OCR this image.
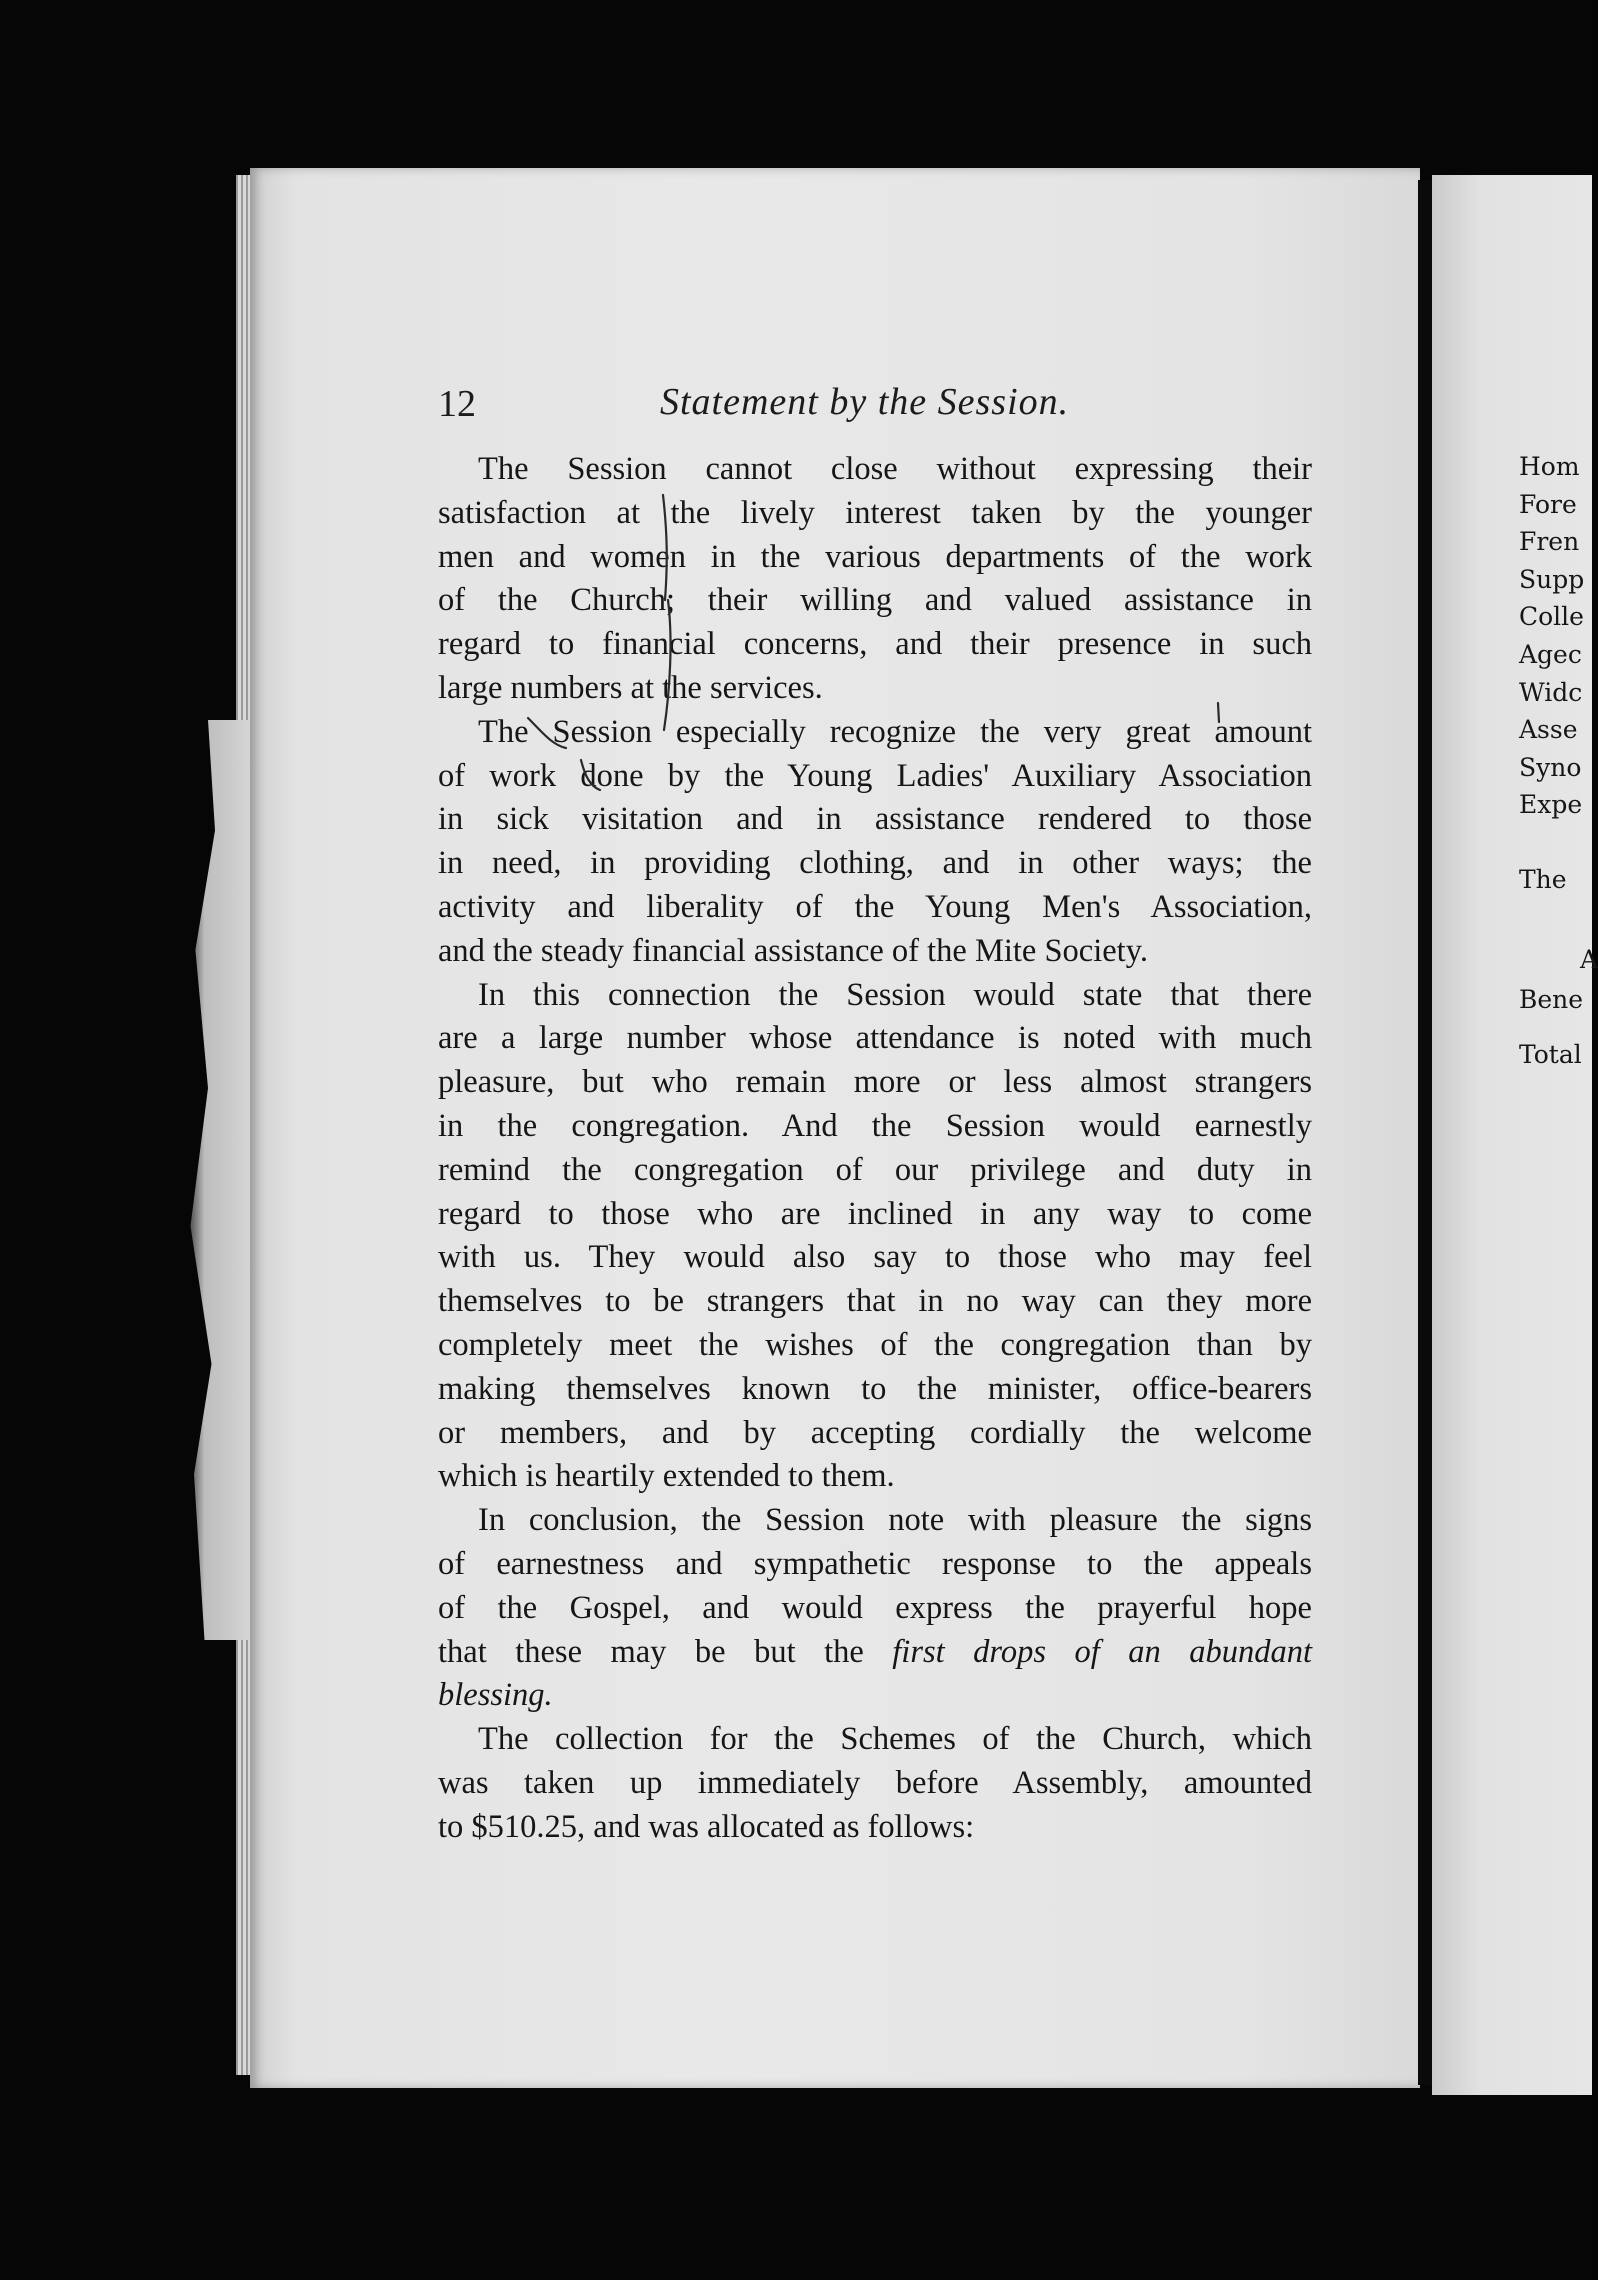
12	Statement by the Session.
The Session cannot close without expressing their
satisfaction at the lively interest taken by the younger
men and women in the various departments of the work
of the Church; their willing and valued assistance in
regard to financial concerns, and their presence in such
large numbers at the services.
The Session especially recognize the very great amount
of work done by the Young Ladies' Auxiliary Association
in sick visitation and in assistance rendered to those
in need, in providing clothing, and in other ways; the
activity and liberality of the Young Men's Association,
and the steady financial assistance of the Mite Society.
In this connection the Session would state that there
are a large number whose attendance is noted with much
pleasure, but who remain more or less almost strangers
in the congregation. And the Session would earnestly
remind the congregation of our privilege and duty in
regard to those who are inclined in any way to come
with us. They would also say to those who may feel
themselves to be strangers that in no way can they more
completely meet the wishes of the congregation than by
making themselves known to the minister, office-bearers
or members, and by accepting cordially the welcome
which is heartily extended to them.
In conclusion, the Session note with pleasure the signs
of earnestness and sympathetic response to the appeals
of the Gospel, and would express the prayerful hope
that these may be but the first drops of an abundant
blessing.
The collection for the Schemes of the Church, which
was taken up immediately before Assembly, amounted
to $510.25, and was allocated as follows:
Hom
Fore
Fren
Supp
Colle
Agec
Widc
Asse
Syno
Expe
The
A
Bene
Total
